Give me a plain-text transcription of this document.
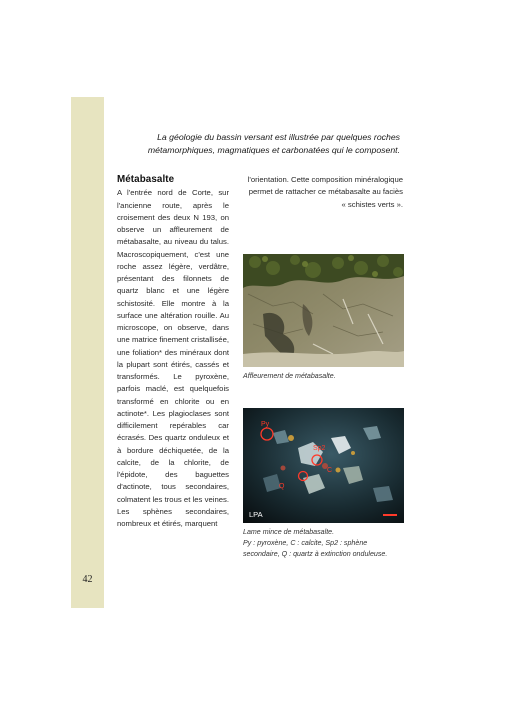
42
La géologie du bassin versant est illustrée par quelques roches métamorphiques, magmatiques et carbonatées qui le composent.
Métabasalte

A l'entrée nord de Corte, sur l'ancienne route, après le croisement des deux N 193, on observe un affleurement de métabasalte, au niveau du talus. Macroscopiquement, c'est une roche assez légère, verdâtre, présentant des filonnets de quartz blanc et une légère schistosité. Elle montre à la surface une altération rouille. Au microscope, on observe, dans une matrice finement cristallisée, une foliation* des minéraux dont la plupart sont étirés, cassés et transformés. Le pyroxène, parfois maclé, est quelquefois transformé en chlorite ou en actinote*. Les plagioclases sont difficilement repérables car écrasés. Des quartz onduleux et à bordure déchiquetée, de la calcite, de la chlorite, de l'épidote, des baguettes d'actinote, tous secondaires, colmatent les trous et les veines. Les sphènes secondaires, nombreux et étirés, marquent

l'orientation. Cette composition minéralogique permet de rattacher ce métabasalte au faciès « schistes verts ».

Affleurement de métabasalte.

Py
C
Sp2
Q
LPA

Lame mince de métabasalte.

Py : pyroxène, C : calcite, Sp2 : sphène secondaire, Q : quartz à extinction onduleuse.
